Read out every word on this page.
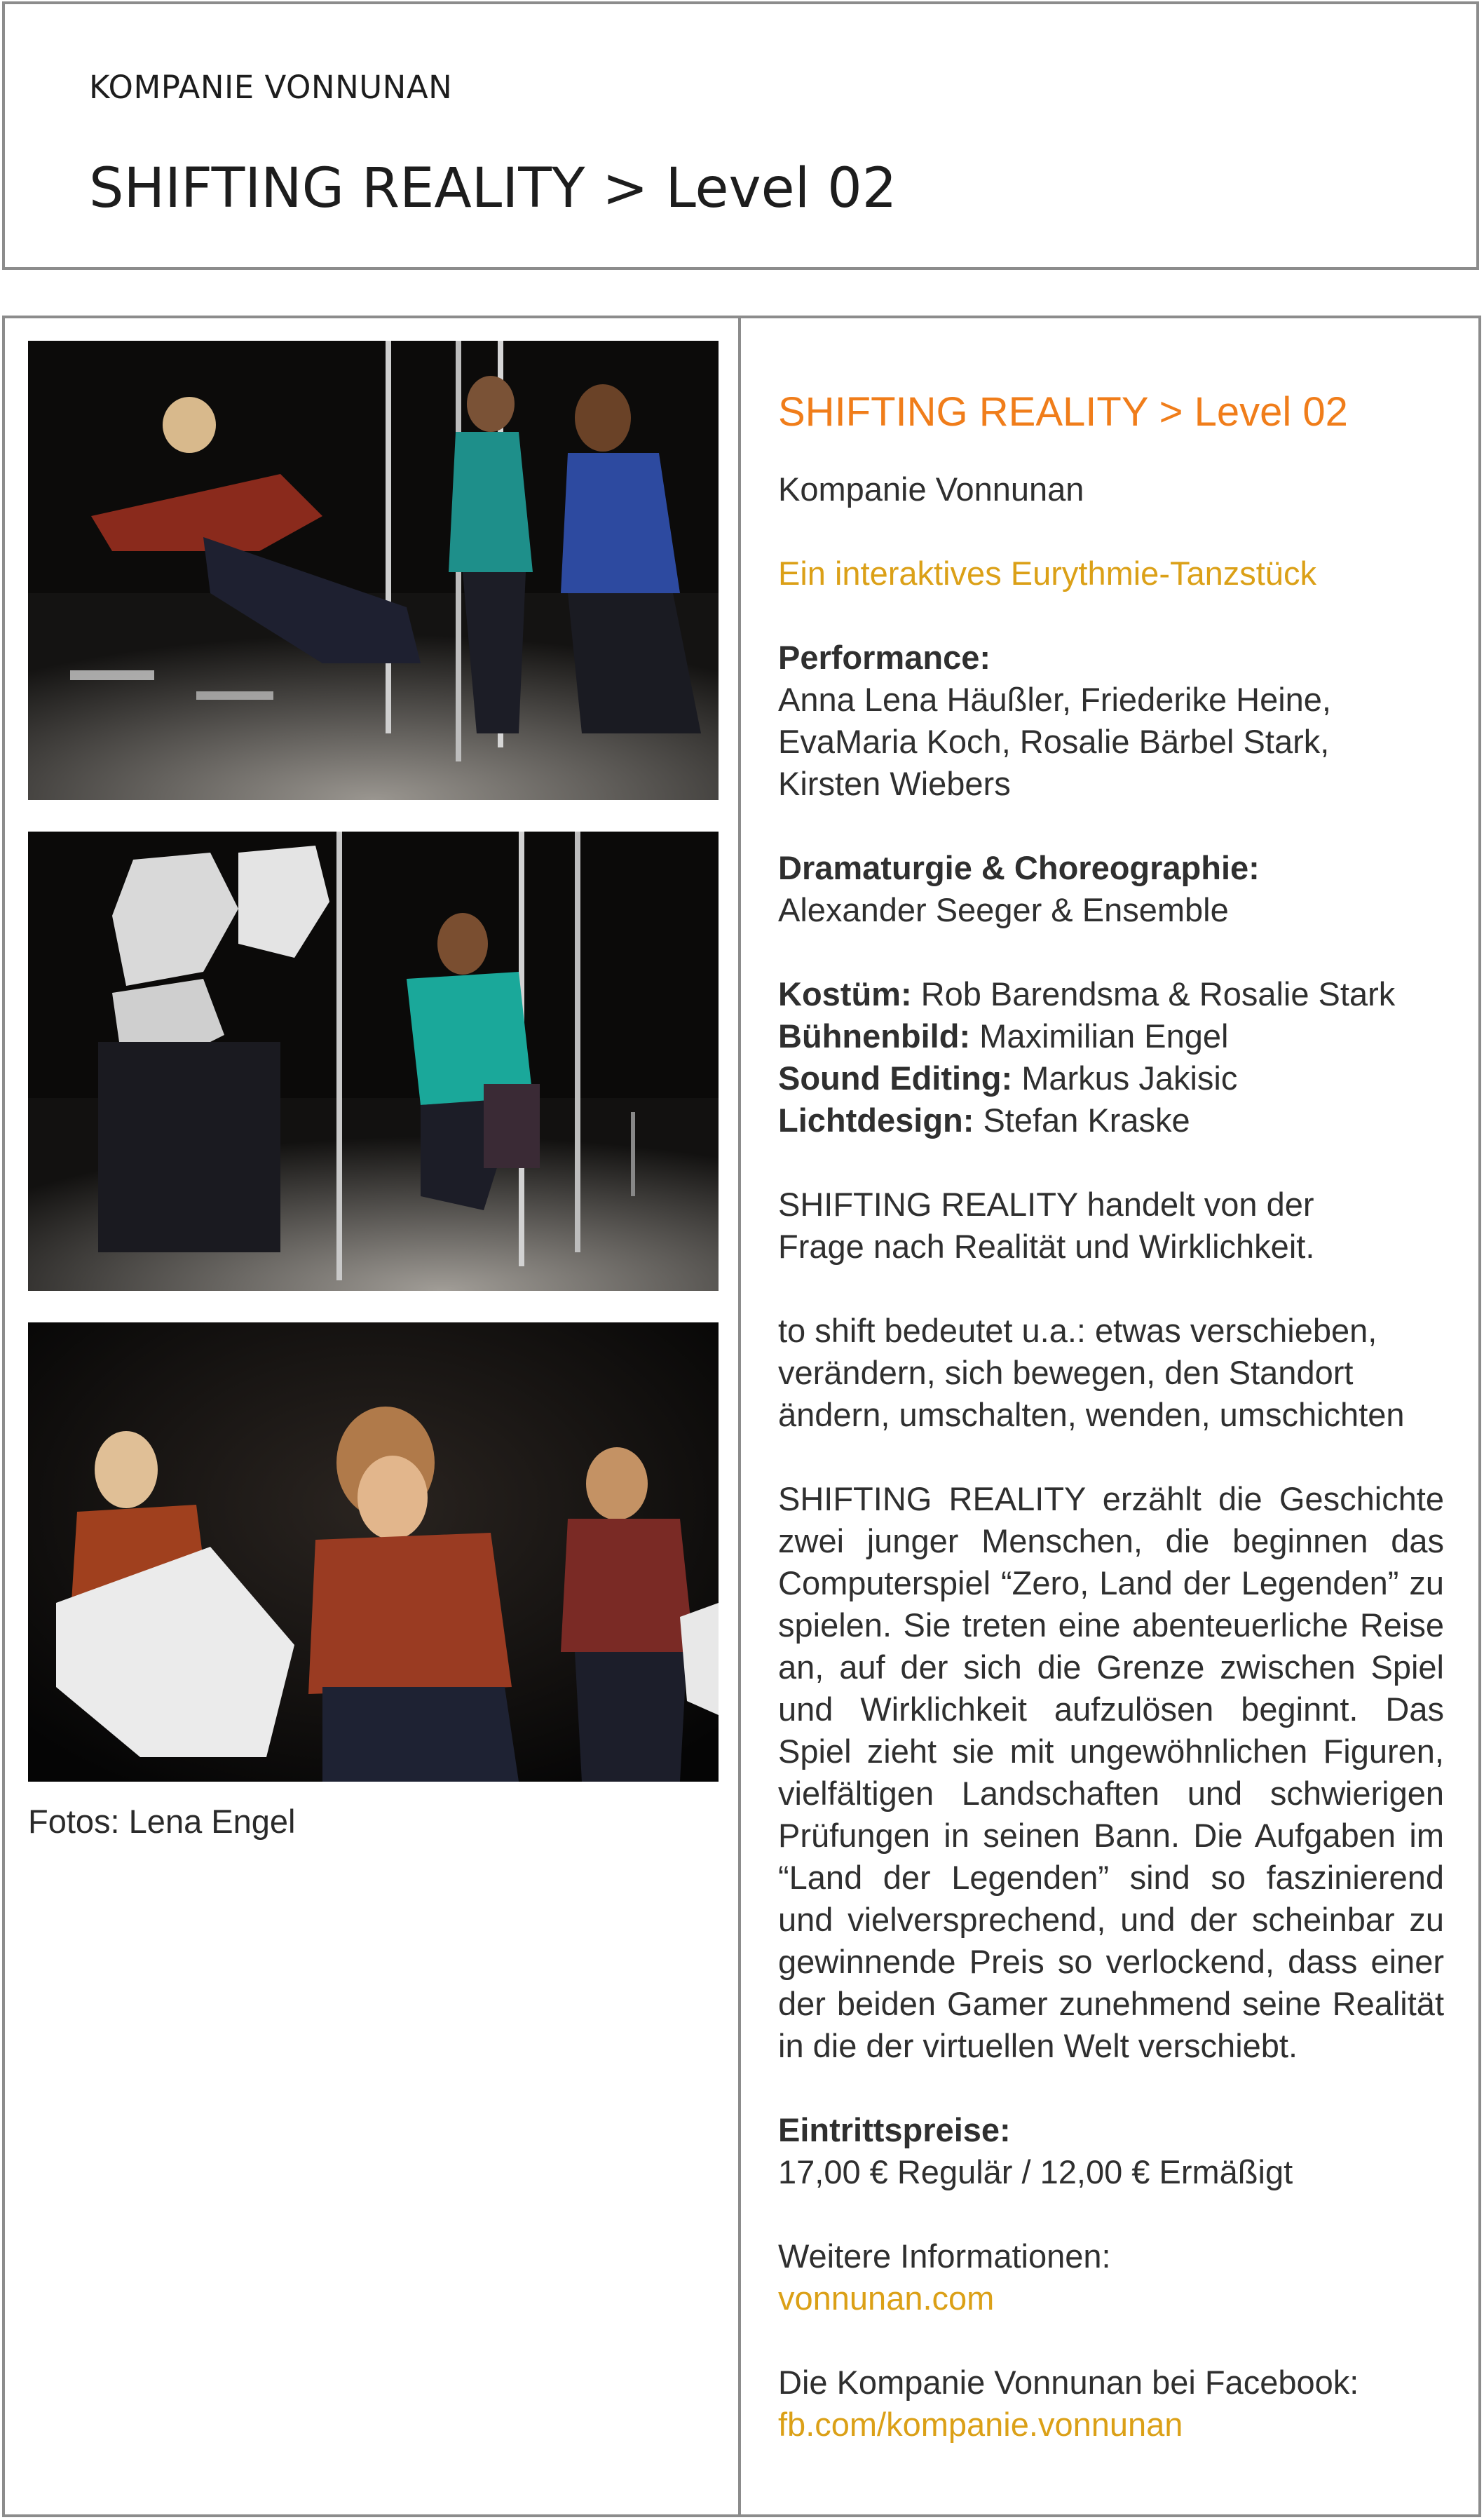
KOMPANIE VONNUNAN
SHIFTING REALITY > Level 02
Fotos: Lena Engel

SHIFTING REALITY > Level 02

Kompanie Vonnunan

Ein interaktives Eurythmie-Tanzstück

Performance:
Anna Lena Häußler, Friederike Heine,
EvaMaria Koch, Rosalie Bärbel Stark,
Kirsten Wiebers

Dramaturgie & Choreographie:
Alexander Seeger & Ensemble

Kostüm: Rob Barendsma & Rosalie Stark
Bühnenbild: Maximilian Engel
Sound Editing: Markus Jakisic
Lichtdesign: Stefan Kraske

SHIFTING REALITY handelt von der
Frage nach Realität und Wirklichkeit.

to shift bedeutet u.a.: etwas verschieben,
verändern, sich bewegen, den Standort
ändern, umschalten, wenden, umschichten

SHIFTING REALITY erzählt die Geschichte zwei junger Menschen, die beginnen das Computerspiel “Zero, Land der Legenden” zu spielen. Sie treten eine abenteuerliche Reise an, auf der sich die Grenze zwischen Spiel und Wirklichkeit aufzulösen beginnt. Das Spiel zieht sie mit ungewöhnlichen Figuren, vielfältigen Landschaften und schwierigen Prüfungen in seinen Bann. Die Aufgaben im “Land der Legenden” sind so faszinierend und vielversprechend, und der scheinbar zu gewinnende Preis so verlockend, dass einer der beiden Gamer zunehmend seine Realität in die der virtuellen Welt verschiebt.

Eintrittspreise:
17,00 € Regulär / 12,00 € Ermäßigt

Weitere Informationen:
vonnunan.com

Die Kompanie Vonnunan bei Facebook:
fb.com/kompanie.vonnunan
